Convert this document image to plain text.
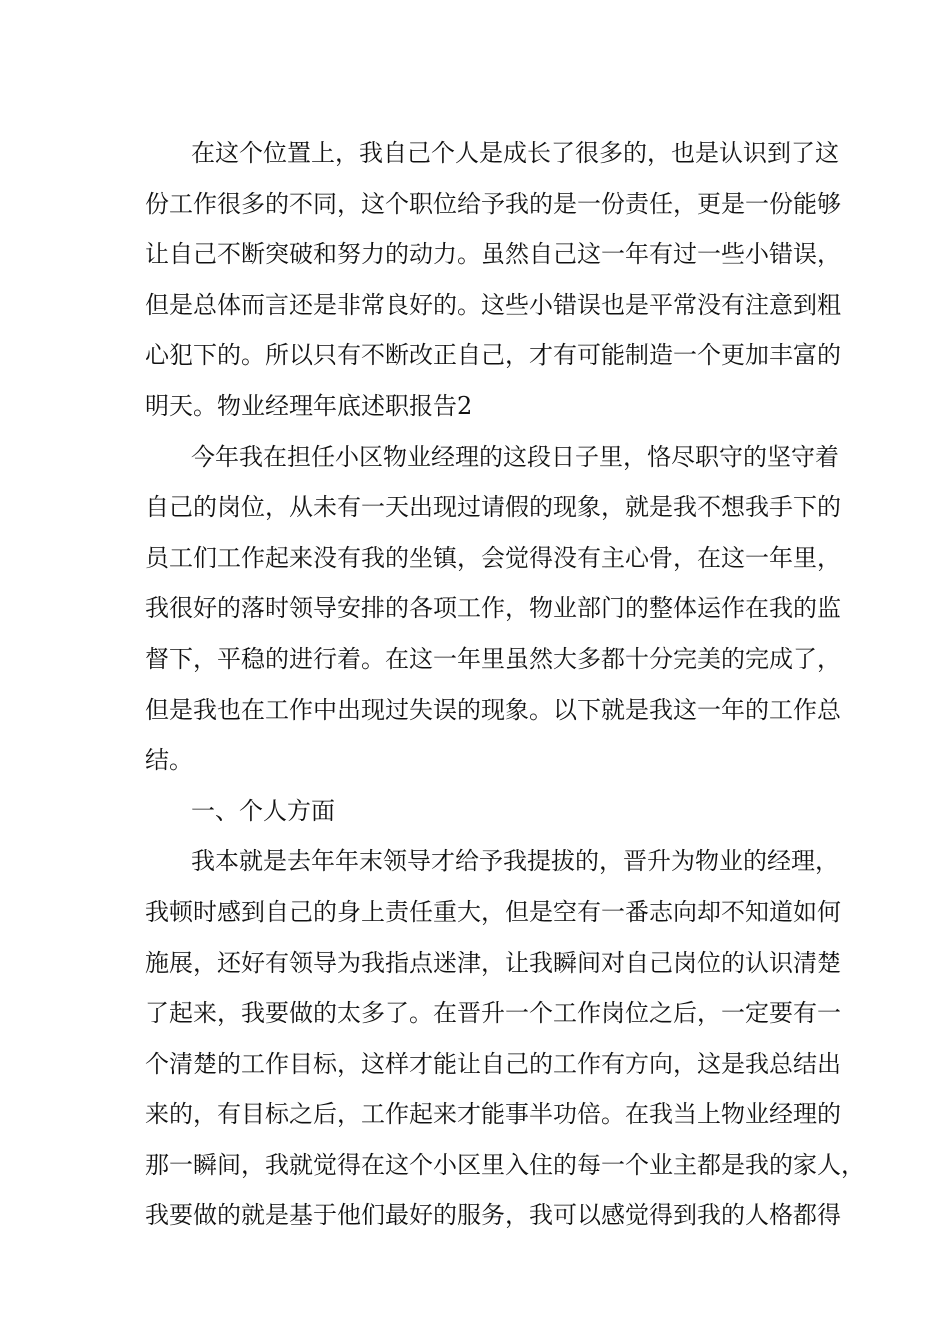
在这个位置上，我自己个人是成长了很多的，也是认识到了这
份工作很多的不同，这个职位给予我的是一份责任，更是一份能够
让自己不断突破和努力的动力。虽然自己这一年有过一些小错误，
但是总体而言还是非常良好的。这些小错误也是平常没有注意到粗
心犯下的。所以只有不断改正自己，才有可能制造一个更加丰富的
明天。物业经理年底述职报告2
今年我在担任小区物业经理的这段日子里，恪尽职守的坚守着
自己的岗位，从未有一天出现过请假的现象，就是我不想我手下的
员工们工作起来没有我的坐镇，会觉得没有主心骨，在这一年里，
我很好的落时领导安排的各项工作，物业部门的整体运作在我的监
督下，平稳的进行着。在这一年里虽然大多都十分完美的完成了，
但是我也在工作中出现过失误的现象。以下就是我这一年的工作总
结。
一、个人方面
我本就是去年年末领导才给予我提拔的，晋升为物业的经理，
我顿时感到自己的身上责任重大，但是空有一番志向却不知道如何
施展，还好有领导为我指点迷津，让我瞬间对自己岗位的认识清楚
了起来，我要做的太多了。在晋升一个工作岗位之后，一定要有一
个清楚的工作目标，这样才能让自己的工作有方向，这是我总结出
来的，有目标之后，工作起来才能事半功倍。在我当上物业经理的
那一瞬间，我就觉得在这个小区里入住的每一个业主都是我的家人，
我要做的就是基于他们最好的服务，我可以感觉得到我的人格都得
